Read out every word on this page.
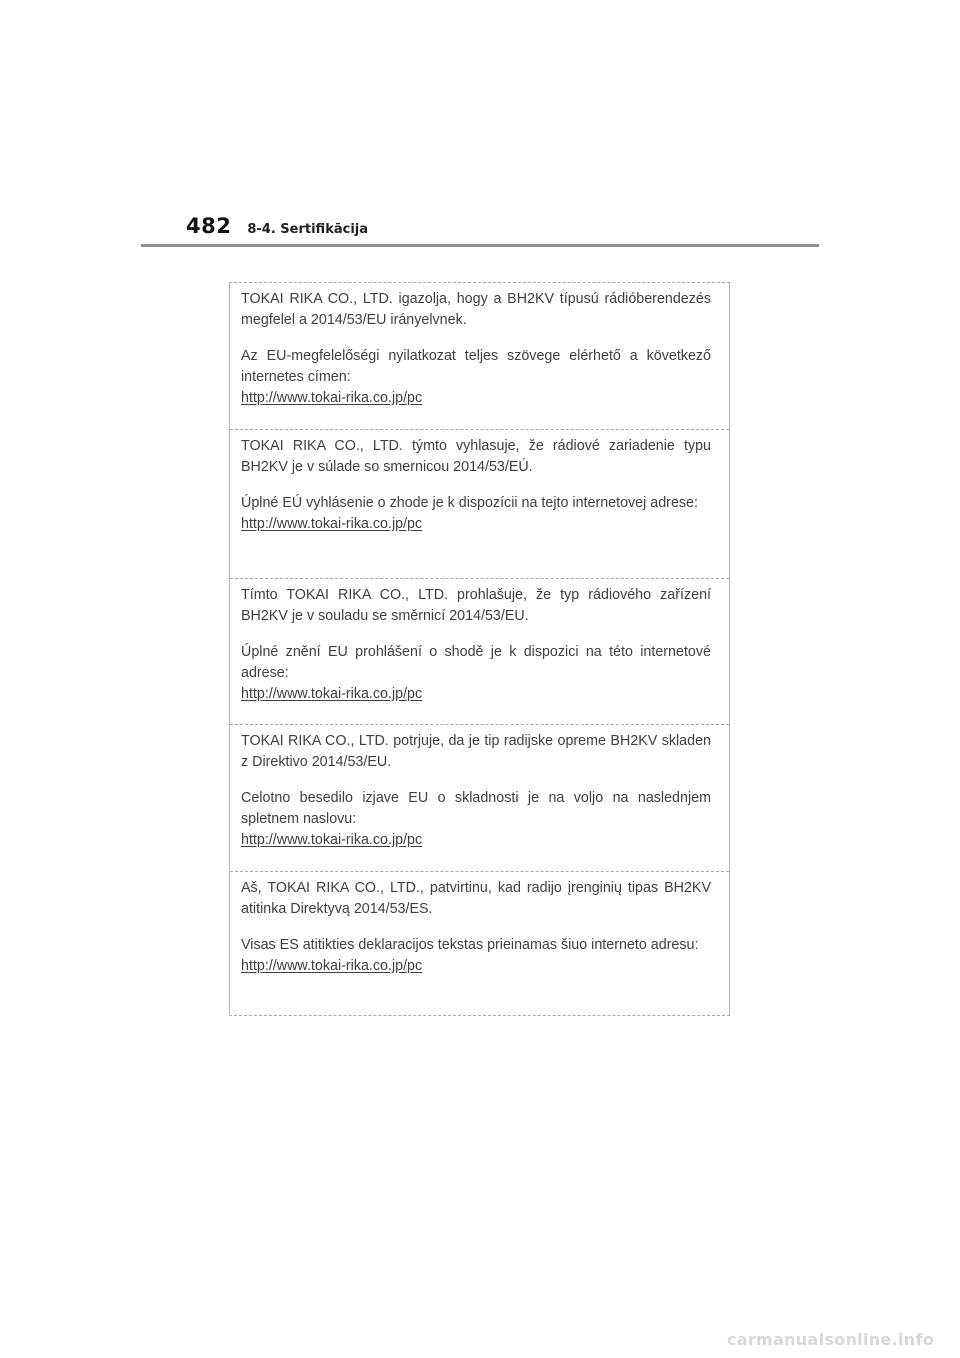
482 8-4. Sertifikācija

TOKAI RIKA CO., LTD. igazolja, hogy a BH2KV típusú rádióberendezés megfelel a 2014/53/EU irányelvnek.

Az EU-megfelelőségi nyilatkozat teljes szövege elérhető a következő internetes címen:

http://www.tokai-rika.co.jp/pc

TOKAI RIKA CO., LTD. týmto vyhlasuje, že rádiové zariadenie typu BH2KV je v súlade so smernicou 2014/53/EÚ.

Úplné EÚ vyhlásenie o zhode je k dispozícii na tejto internetovej adrese:

http://www.tokai-rika.co.jp/pc

Tímto TOKAI RIKA CO., LTD. prohlašuje, že typ rádiového zařízení BH2KV je v souladu se směrnicí 2014/53/EU.

Úplné znění EU prohlášení o shodě je k dispozici na této internetové adrese:

http://www.tokai-rika.co.jp/pc

TOKAI RIKA CO., LTD. potrjuje, da je tip radijske opreme BH2KV skladen z Direktivo 2014/53/EU.

Celotno besedilo izjave EU o skladnosti je na voljo na naslednjem spletnem naslovu:

http://www.tokai-rika.co.jp/pc

Aš, TOKAI RIKA CO., LTD., patvirtinu, kad radijo įrenginių tipas BH2KV atitinka Direktyvą 2014/53/ES.

Visas ES atitikties deklaracijos tekstas prieinamas šiuo interneto adresu:

http://www.tokai-rika.co.jp/pc
carmanualsonline.info
